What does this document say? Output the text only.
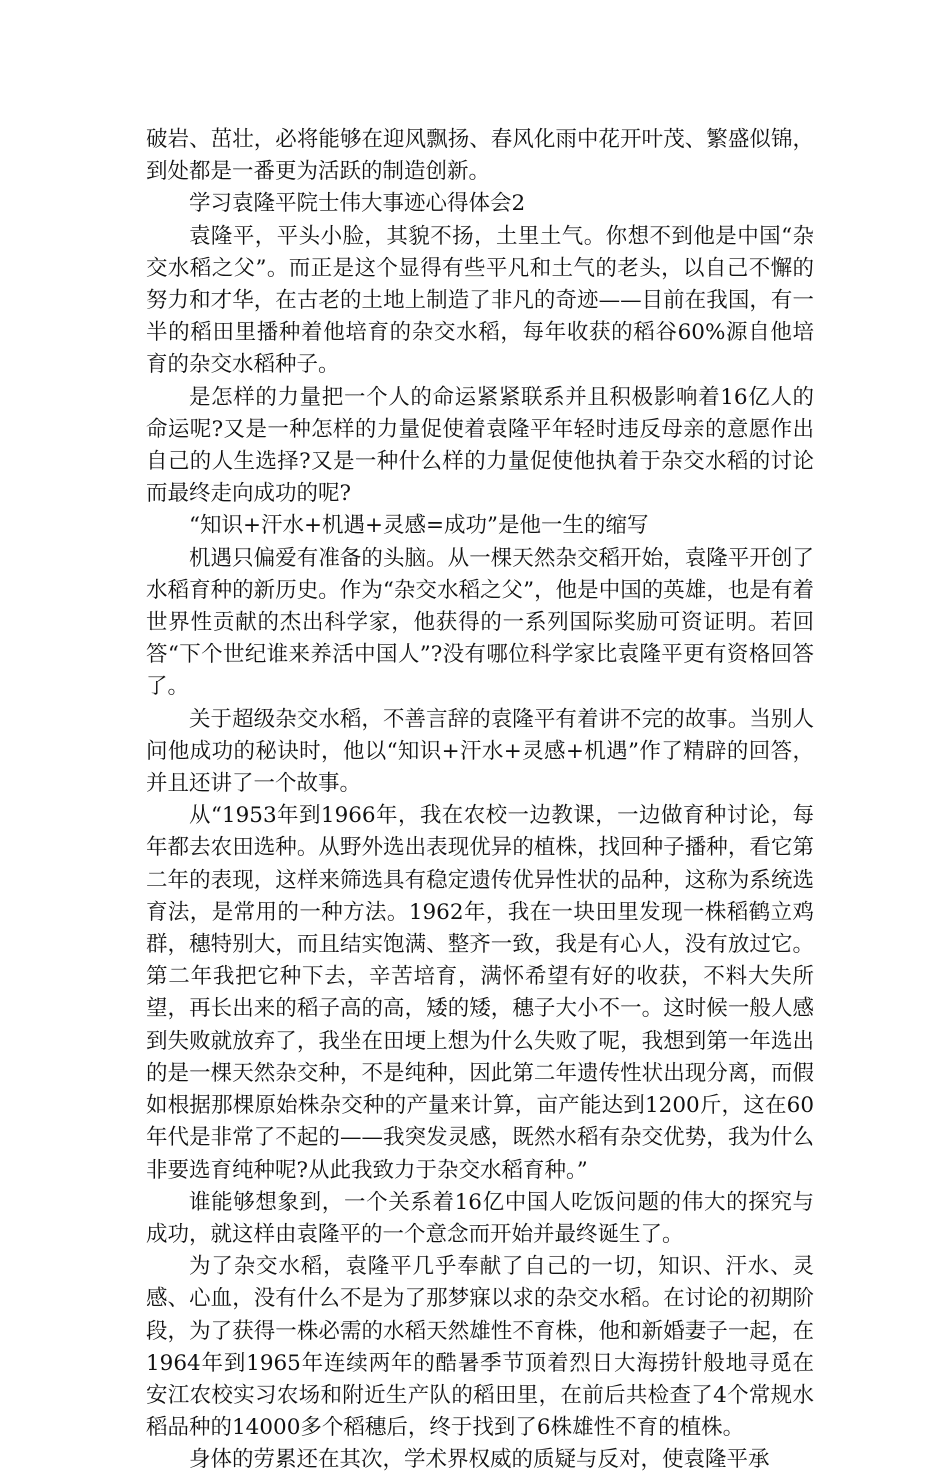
破岩、茁壮，必将能够在迎风飘扬、春风化雨中花开叶茂、繁盛似锦，到处都是一番更为活跃的制造创新。

学习袁隆平院士伟大事迹心得体会2

袁隆平，平头小脸，其貌不扬，土里土气。你想不到他是中国“杂交水稻之父”。而正是这个显得有些平凡和土气的老头，以自己不懈的努力和才华，在古老的土地上制造了非凡的奇迹——目前在我国，有一半的稻田里播种着他培育的杂交水稻，每年收获的稻谷60%源自他培育的杂交水稻种子。

是怎样的力量把一个人的命运紧紧联系并且积极影响着16亿人的命运呢?又是一种怎样的力量促使着袁隆平年轻时违反母亲的意愿作出自己的人生选择?又是一种什么样的力量促使他执着于杂交水稻的讨论而最终走向成功的呢?

“知识+汗水+机遇+灵感=成功”是他一生的缩写

机遇只偏爱有准备的头脑。从一棵天然杂交稻开始，袁隆平开创了水稻育种的新历史。作为“杂交水稻之父”，他是中国的英雄，也是有着世界性贡献的杰出科学家，他获得的一系列国际奖励可资证明。若回答“下个世纪谁来养活中国人”?没有哪位科学家比袁隆平更有资格回答了。

关于超级杂交水稻，不善言辞的袁隆平有着讲不完的故事。当别人问他成功的秘诀时，他以“知识+汗水+灵感+机遇”作了精辟的回答，并且还讲了一个故事。

从“1953年到1966年，我在农校一边教课，一边做育种讨论，每年都去农田选种。从野外选出表现优异的植株，找回种子播种，看它第二年的表现，这样来筛选具有稳定遗传优异性状的品种，这称为系统选育法，是常用的一种方法。1962年，我在一块田里发现一株稻鹤立鸡群，穗特别大，而且结实饱满、整齐一致，我是有心人，没有放过它。第二年我把它种下去，辛苦培育，满怀希望有好的收获，不料大失所望，再长出来的稻子高的高，矮的矮，穗子大小不一。这时候一般人感到失败就放弃了，我坐在田埂上想为什么失败了呢，我想到第一年选出的是一棵天然杂交种，不是纯种，因此第二年遗传性状出现分离，而假如根据那棵原始株杂交种的产量来计算，亩产能达到1200斤，这在60年代是非常了不起的——我突发灵感，既然水稻有杂交优势，我为什么非要选育纯种呢?从此我致力于杂交水稻育种。”

谁能够想象到，一个关系着16亿中国人吃饭问题的伟大的探究与成功，就这样由袁隆平的一个意念而开始并最终诞生了。

为了杂交水稻，袁隆平几乎奉献了自己的一切，知识、汗水、灵感、心血，没有什么不是为了那梦寐以求的杂交水稻。在讨论的初期阶段，为了获得一株必需的水稻天然雄性不育株，他和新婚妻子一起，在1964年到1965年连续两年的酷暑季节顶着烈日大海捞针般地寻觅在安江农校实习农场和附近生产队的稻田里，在前后共检查了4个常规水稻品种的14000多个稻穗后，终于找到了6株雄性不育的植株。

身体的劳累还在其次，学术界权威的质疑与反对，使袁隆平承
